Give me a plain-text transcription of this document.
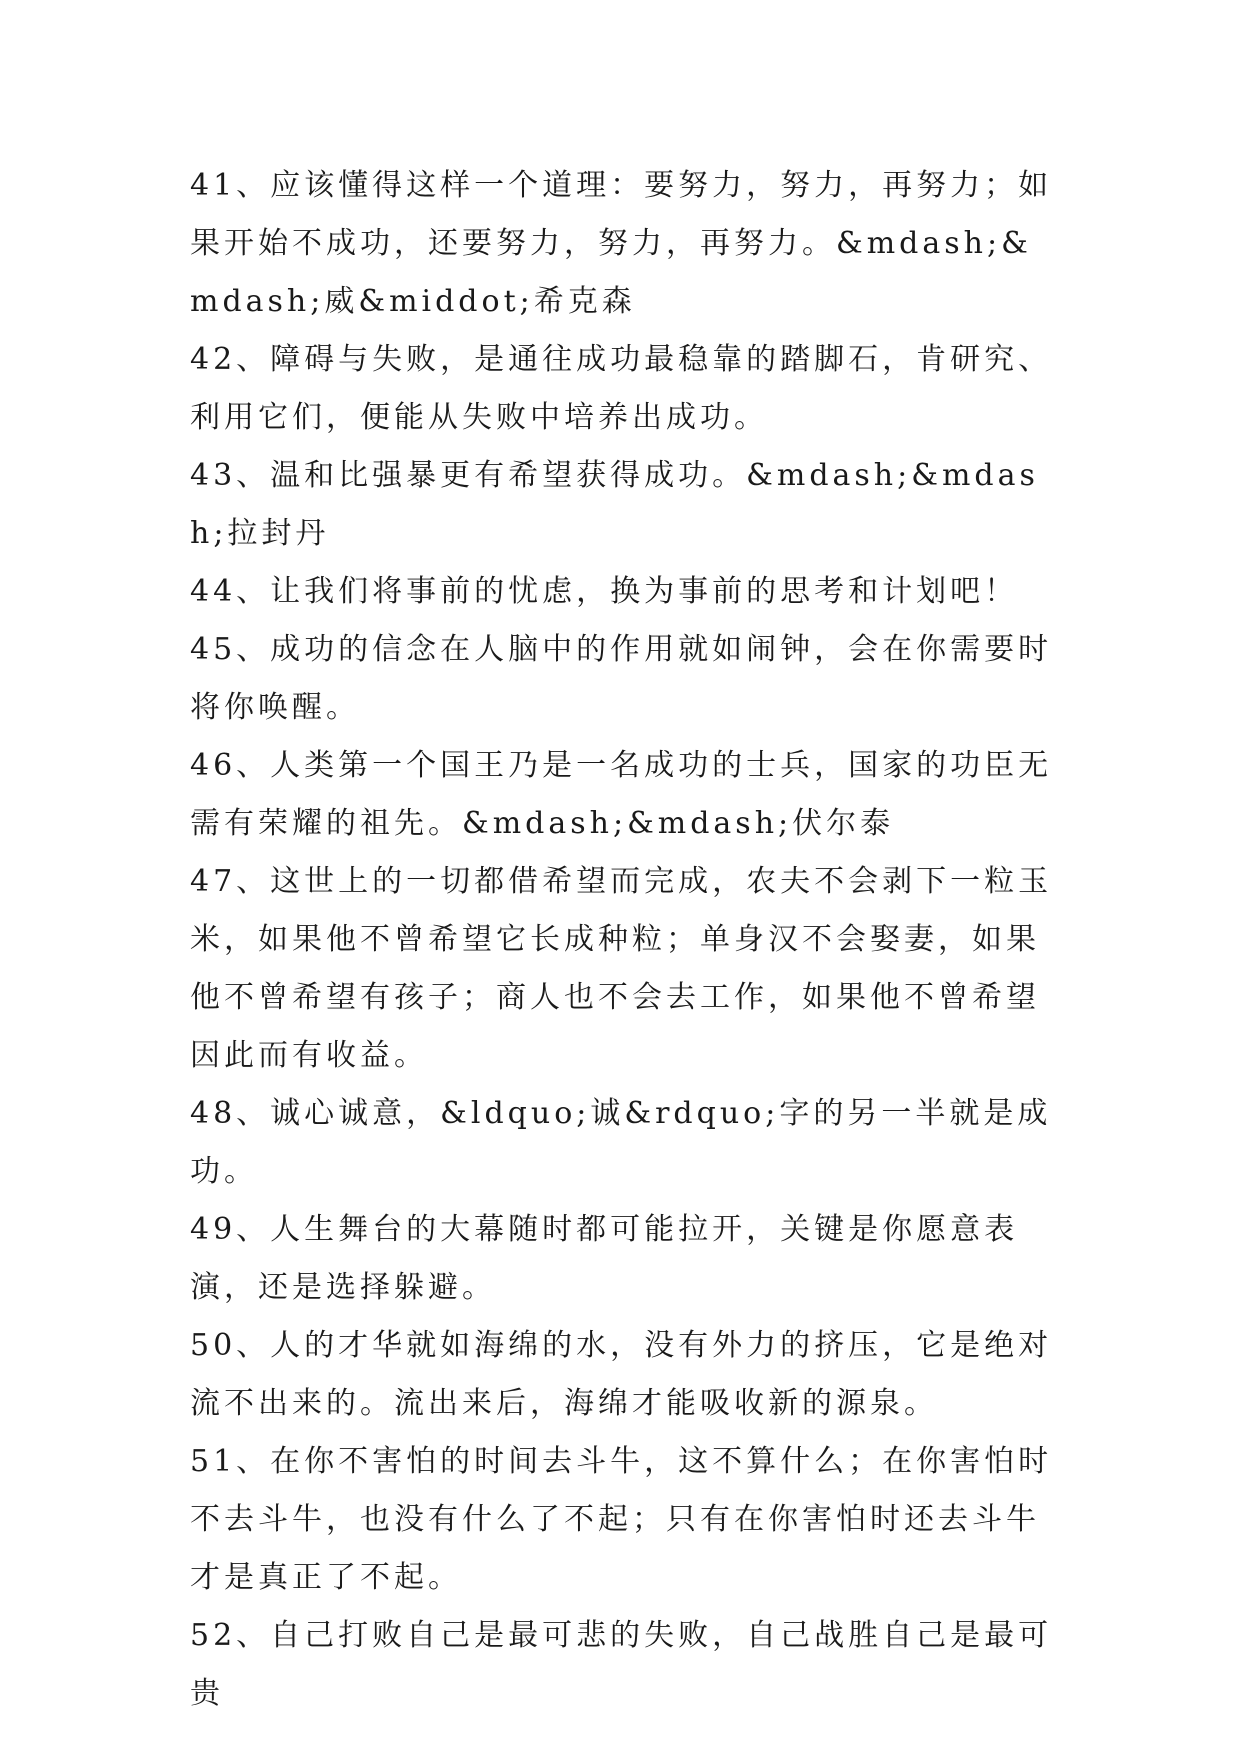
41、应该懂得这样一个道理：要努力，努力，再努力；如果开始不成功，还要努力，努力，再努力。&mdash;&mdash;威&middot;希克森

42、障碍与失败，是通往成功最稳靠的踏脚石，肯研究、利用它们，便能从失败中培养出成功。

43、温和比强暴更有希望获得成功。&mdash;&mdash;拉封丹

44、让我们将事前的忧虑，换为事前的思考和计划吧！

45、成功的信念在人脑中的作用就如闹钟，会在你需要时将你唤醒。

46、人类第一个国王乃是一名成功的士兵，国家的功臣无需有荣耀的祖先。&mdash;&mdash;伏尔泰

47、这世上的一切都借希望而完成，农夫不会剥下一粒玉米，如果他不曾希望它长成种粒；单身汉不会娶妻，如果他不曾希望有孩子；商人也不会去工作，如果他不曾希望因此而有收益。

48、诚心诚意，&ldquo;诚&rdquo;字的另一半就是成功。

49、人生舞台的大幕随时都可能拉开，关键是你愿意表演，还是选择躲避。

50、人的才华就如海绵的水，没有外力的挤压，它是绝对流不出来的。流出来后，海绵才能吸收新的源泉。

51、在你不害怕的时间去斗牛，这不算什么；在你害怕时不去斗牛，也没有什么了不起；只有在你害怕时还去斗牛才是真正了不起。

52、自己打败自己是最可悲的失败，自己战胜自己是最可贵
